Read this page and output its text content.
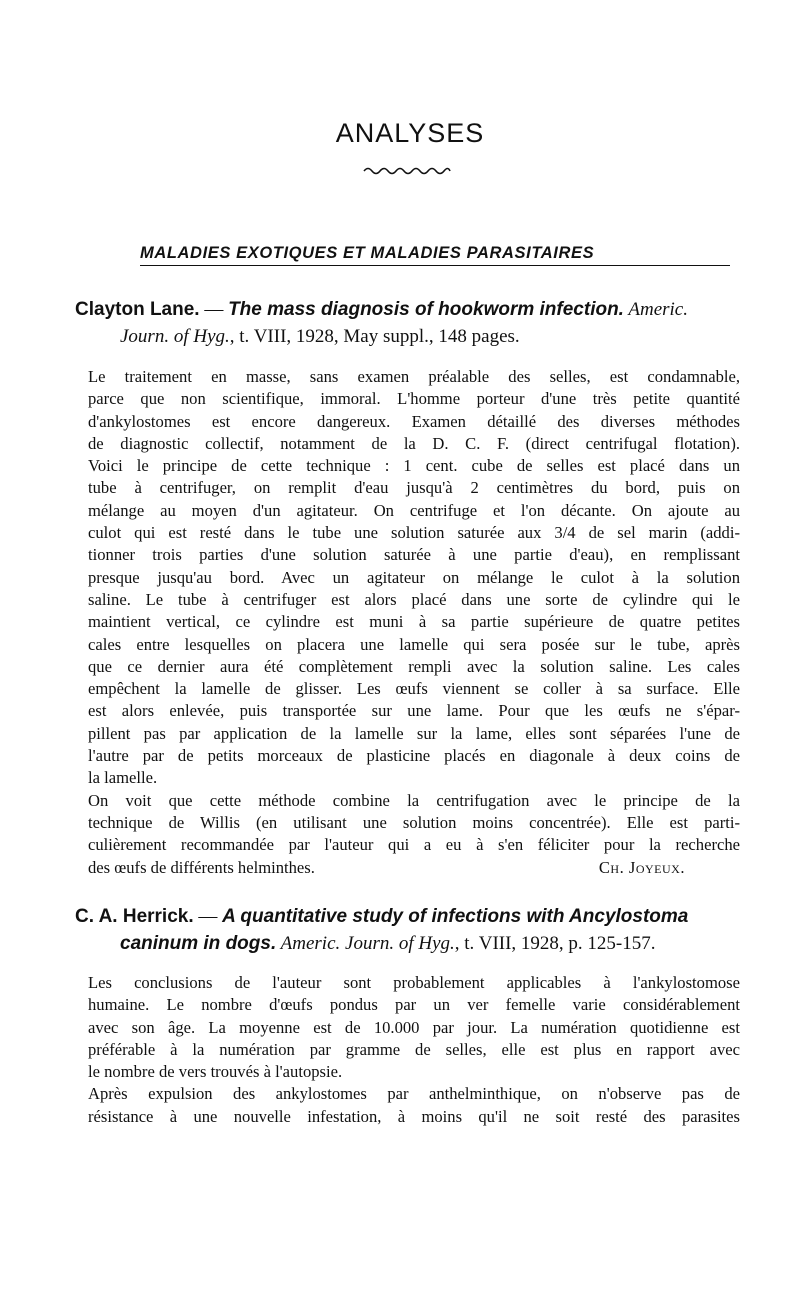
ANALYSES
MALADIES EXOTIQUES ET MALADIES PARASITAIRES
Clayton Lane. — The mass diagnosis of hookworm infection. Americ.
Journ. of Hyg., t. VIII, 1928, May suppl., 148 pages.
Le traitement en masse, sans examen préalable des selles, est condamnable,
parce que non scientifique, immoral. L'homme porteur d'une très petite quantité
d'ankylostomes est encore dangereux. Examen détaillé des diverses méthodes
de diagnostic collectif, notamment de la D. C. F. (direct centrifugal flotation).
Voici le principe de cette technique : 1 cent. cube de selles est placé dans un
tube à centrifuger, on remplit d'eau jusqu'à 2 centimètres du bord, puis on
mélange au moyen d'un agitateur. On centrifuge et l'on décante. On ajoute au
culot qui est resté dans le tube une solution saturée aux 3/4 de sel marin (addi-
tionner trois parties d'une solution saturée à une partie d'eau), en remplissant
presque jusqu'au bord. Avec un agitateur on mélange le culot à la solution
saline. Le tube à centrifuger est alors placé dans une sorte de cylindre qui le
maintient vertical, ce cylindre est muni à sa partie supérieure de quatre petites
cales entre lesquelles on placera une lamelle qui sera posée sur le tube, après
que ce dernier aura été complètement rempli avec la solution saline. Les cales
empêchent la lamelle de glisser. Les œufs viennent se coller à sa surface. Elle
est alors enlevée, puis transportée sur une lame. Pour que les œufs ne s'épar-
pillent pas par application de la lamelle sur la lame, elles sont séparées l'une de
l'autre par de petits morceaux de plasticine placés en diagonale à deux coins de
la lamelle.
On voit que cette méthode combine la centrifugation avec le principe de la
technique de Willis (en utilisant une solution moins concentrée). Elle est parti-
culièrement recommandée par l'auteur qui a eu à s'en féliciter pour la recherche
des œufs de différents helminthes.	Ch. Joyeux.
C. A. Herrick. — A quantitative study of infections with Ancylostoma
caninum in dogs. Americ. Journ. of Hyg., t. VIII, 1928, p. 125-157.
Les conclusions de l'auteur sont probablement applicables à l'ankylostomose
humaine. Le nombre d'œufs pondus par un ver femelle varie considérablement
avec son âge. La moyenne est de 10.000 par jour. La numération quotidienne est
préférable à la numération par gramme de selles, elle est plus en rapport avec
le nombre de vers trouvés à l'autopsie.
Après expulsion des ankylostomes par anthelminthique, on n'observe pas de
résistance à une nouvelle infestation, à moins qu'il ne soit resté des parasites
